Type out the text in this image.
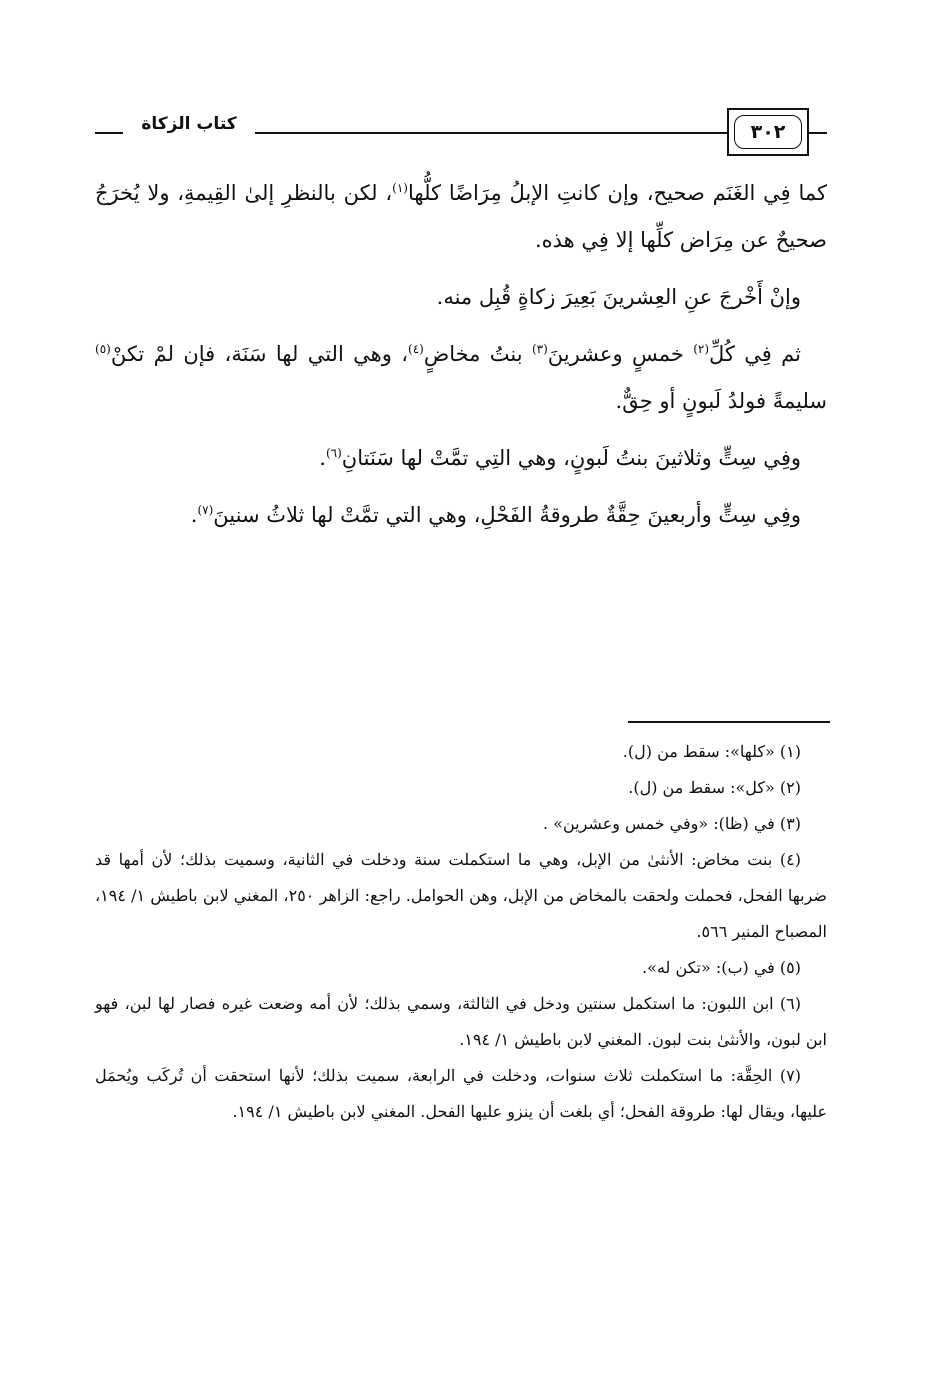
٣٠٢
كتاب الزكاة

كما فِي الغَنَم صحيح، وإن كانتِ الإبلُ مِرَاضًا كلُّها$^{(١)}$، لكن بالنظرِ إلىٰ القِيمةِ، ولا يُخرَجُ صحيحٌ عن مِرَاض كلِّها إلا فِي هذه.

وإنْ أَخْرجَ عنِ العِشرينَ بَعِيرَ زكاةٍ قُبِل منه.

ثم فِي كُلِّ$^{(٢)}$ خمسٍ وعشرينَ$^{(٣)}$ بنتُ مخاضٍ$^{(٤)}$، وهي التي لها سَنَة، فإن لمْ تكنْ$^{(٥)}$ سليمةً فولدُ لَبونٍ أو حِقٌّ.

وفِي سِتٍّ وثلاثينَ بنتُ لَبونٍ، وهي التِي تمَّتْ لها سَنَتانِ$^{(٦)}$.

وفِي سِتٍّ وأربعينَ حِقَّةٌ طروقةُ الفَحْلِ، وهي التي تمَّتْ لها ثلاثُ سنينَ$^{(٧)}$.

(١) «كلها»: سقط من (ل).

(٢) «كل»: سقط من (ل).

(٣) في (ظا): «وفي خمس وعشرين» .

(٤) بنت مخاض: الأنثىٰ من الإبل، وهي ما استكملت سنة ودخلت في الثانية، وسميت بذلك؛ لأن أمها قد ضربها الفحل، فحملت ولحقت بالمخاض من الإبل، وهن الحوامل. راجع: الزاهر ٢٥٠، المغني لابن باطيش ١/ ١٩٤، المصباح المنير ٥٦٦.

(٥) في (ب): «تكن له».

(٦) ابن اللبون: ما استكمل سنتين ودخل في الثالثة، وسمي بذلك؛ لأن أمه وضعت غيره فصار لها لبن، فهو ابن لبون، والأنثىٰ بنت لبون. المغني لابن باطيش ١/ ١٩٤.

(٧) الحِقَّة: ما استكملت ثلاث سنوات، ودخلت في الرابعة، سميت بذلك؛ لأنها استحقت أن تُركَب ويُحمَل عليها، ويقال لها: طروقة الفحل؛ أي بلغت أن ينزو عليها الفحل. المغني لابن باطيش ١/ ١٩٤.
